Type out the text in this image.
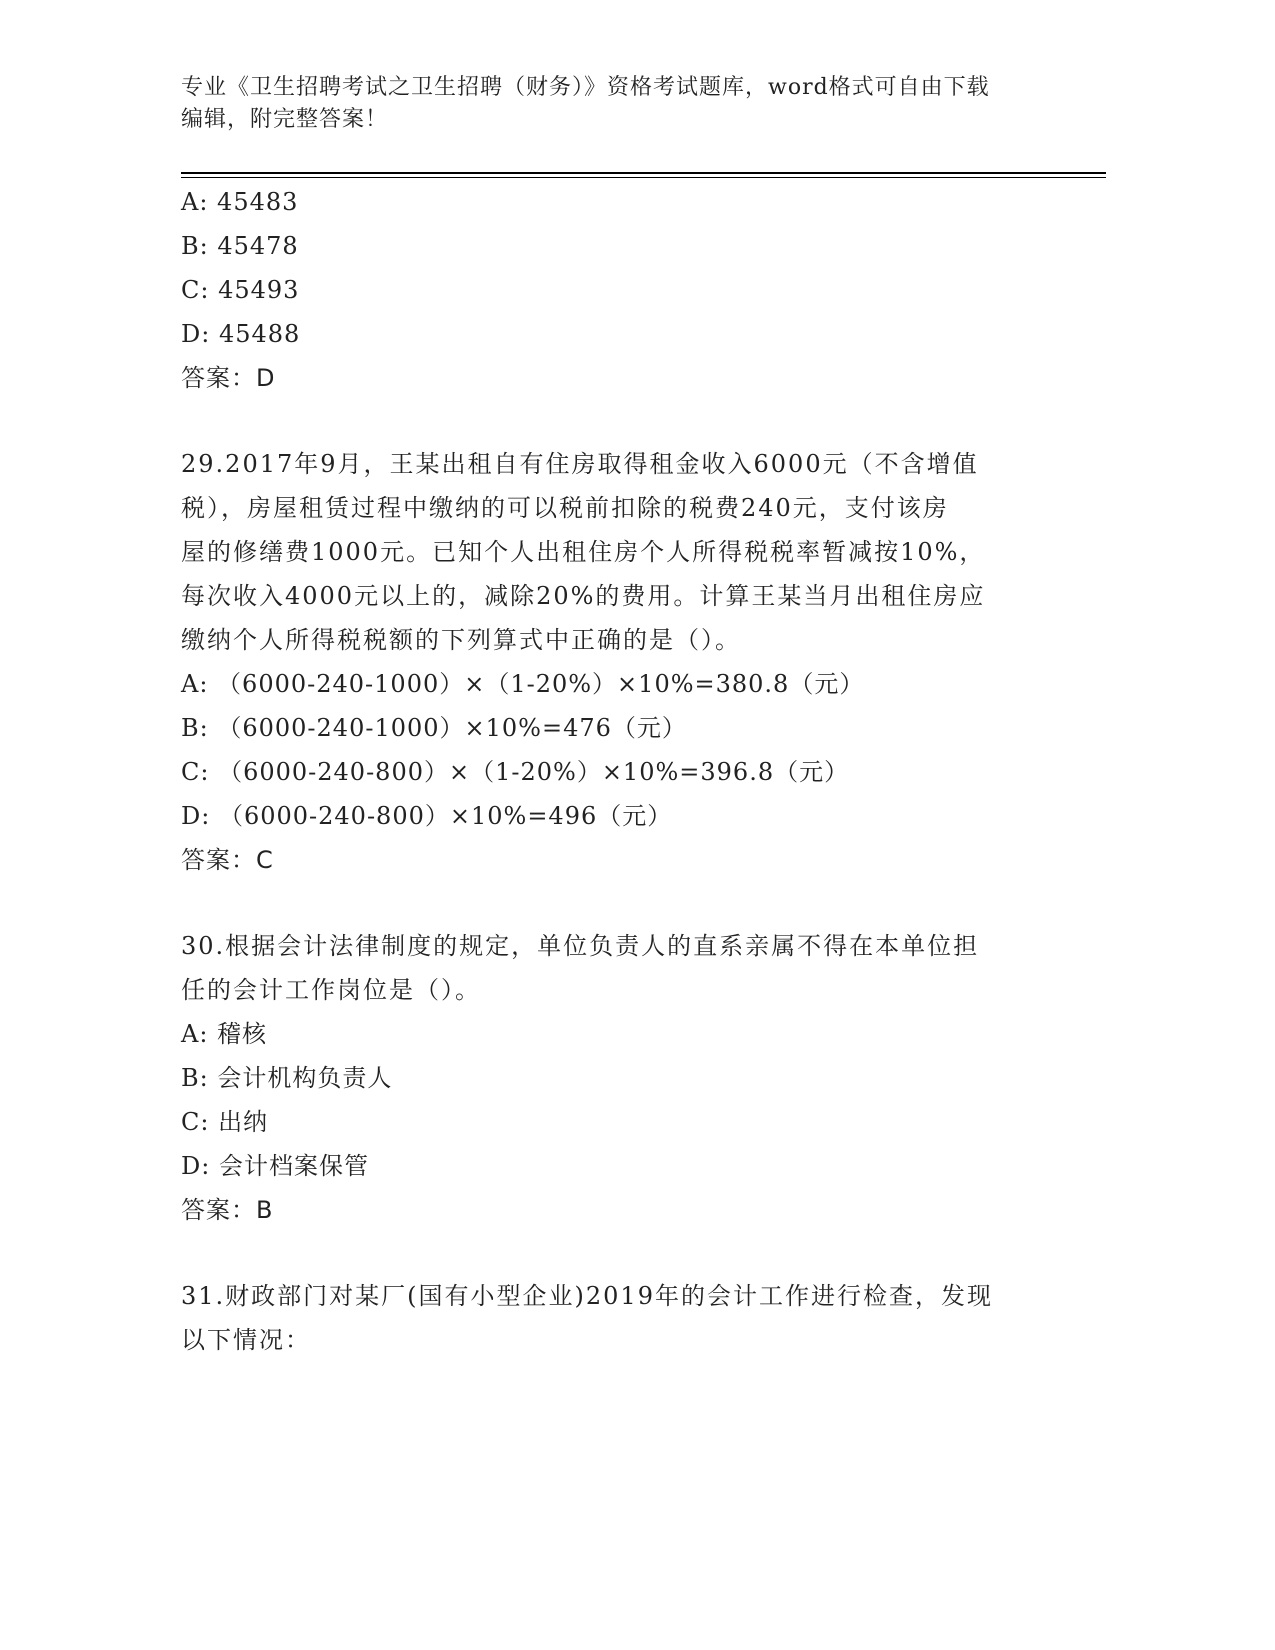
专业《卫生招聘考试之卫生招聘（财务）》资格考试题库，word格式可自由下载
编辑，附完整答案！
A: 45483
B: 45478
C: 45493
D: 45488
答案：D
29.2017年9月，王某出租自有住房取得租金收入6000元（不含增值
税），房屋租赁过程中缴纳的可以税前扣除的税费240元，支付该房
屋的修缮费1000元。已知个人出租住房个人所得税税率暂减按10%，
每次收入4000元以上的，减除20%的费用。计算王某当月出租住房应
缴纳个人所得税税额的下列算式中正确的是（）。
A: （6000-240-1000）×（1-20%）×10%=380.8（元）
B: （6000-240-1000）×10%=476（元）
C: （6000-240-800）×（1-20%）×10%=396.8（元）
D: （6000-240-800）×10%=496（元）
答案：C
30.根据会计法律制度的规定，单位负责人的直系亲属不得在本单位担
任的会计工作岗位是（）。
A: 稽核
B: 会计机构负责人
C: 出纳
D: 会计档案保管
答案：B
31.财政部门对某厂(国有小型企业)2019年的会计工作进行检查，发现
以下情况：
